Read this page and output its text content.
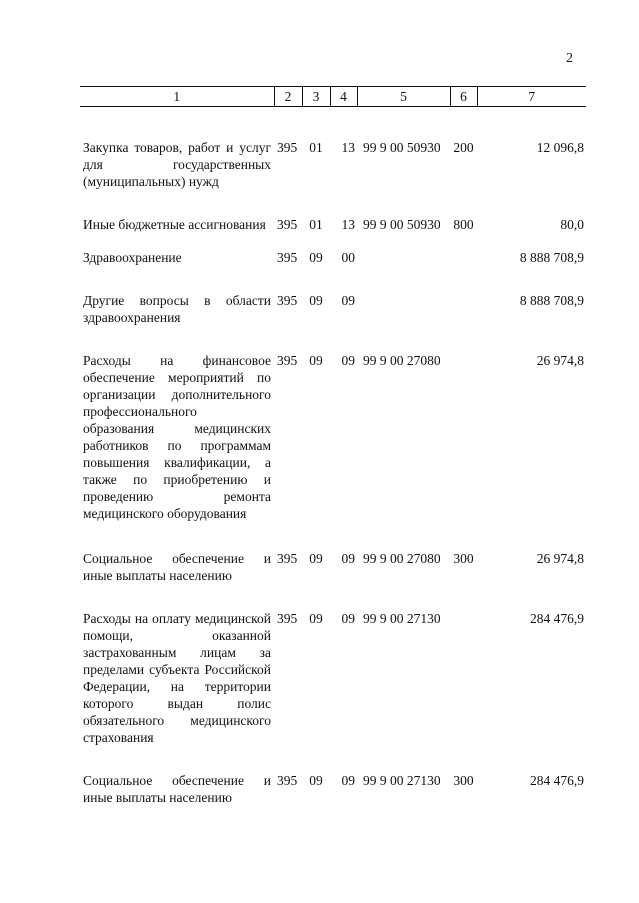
2
1	2	3	4	5	6	7

Закупка товаров, работ и услуг для государственных (муниципальных) нужд	395	01	13	99 9 00 50930	200	12 096,8

Иные бюджетные ассигнования	395	01	13	99 9 00 50930	800	80,0

Здравоохранение	395	09	00			8 888 708,9

Другие вопросы в области здравоохранения	395	09	09			8 888 708,9

Расходы на финансовое обеспечение мероприятий по организации дополнительного профессионального образования медицинских работников по программам повышения квалификации, а также по приобретению и проведению ремонта медицинского оборудования	395	09	09	99 9 00 27080		26 974,8

Социальное обеспечение и иные выплаты населению	395	09	09	99 9 00 27080	300	26 974,8

Расходы на оплату медицинской помощи, оказанной застрахованным лицам за пределами субъекта Российской Федерации, на территории которого выдан полис обязательного медицинского страхования	395	09	09	99 9 00 27130		284 476,9

Социальное обеспечение и иные выплаты населению	395	09	09	99 9 00 27130	300	284 476,9
